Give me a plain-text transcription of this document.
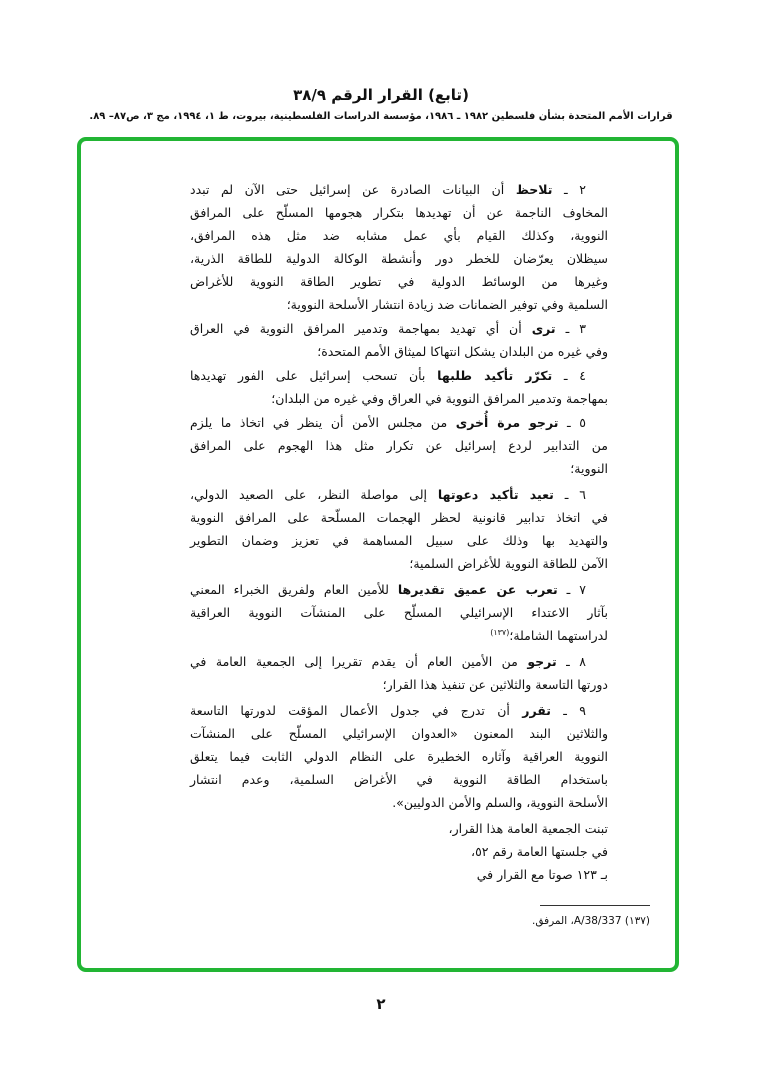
(تابع) القرار الرقم ٣٨/٩
قرارات الأمم المتحدة بشأن فلسطين ١٩٨٢ ـ ١٩٨٦، مؤسسة الدراسات الفلسطينية، بيروت، ط ١، ١٩٩٤، مج ٣، ص٨٧– ٨٩.
٢ ـ تلاحظ أن البيانات الصادرة عن إسرائيل حتى الآن لم تبدد
المخاوف الناجمة عن أن تهديدها بتكرار هجومها المسلّح على المرافق
النووية، وكذلك القيام بأي عمل مشابه ضد مثل هذه المرافق،
سيظلان يعرّضان للخطر دور وأنشطة الوكالة الدولية للطاقة الذرية،
وغيرها من الوسائط الدولية في تطوير الطاقة النووية للأغراض
السلمية وفي توفير الضمانات ضد زيادة انتشار الأسلحة النووية؛
٣ ـ ترى أن أي تهديد بمهاجمة وتدمير المرافق النووية في العراق
وفي غيره من البلدان يشكل انتهاكا لميثاق الأمم المتحدة؛
٤ ـ تكرّر تأكيد طلبها بأن تسحب إسرائيل على الفور تهديدها
بمهاجمة وتدمير المرافق النووية في العراق وفي غيره من البلدان؛
٥ ـ ترجو مرة أُخرى من مجلس الأمن أن ينظر في اتخاذ ما يلزم
من التدابير لردع إسرائيل عن تكرار مثل هذا الهجوم على المرافق
النووية؛
٦ ـ تعيد تأكيد دعوتها إلى مواصلة النظر، على الصعيد الدولي،
في اتخاذ تدابير قانونية لحظر الهجمات المسلّحة على المرافق النووية
والتهديد بها وذلك على سبيل المساهمة في تعزيز وضمان التطوير
الآمن للطاقة النووية للأغراض السلمية؛
٧ ـ تعرب عن عميق تقديرها للأمين العام ولفريق الخبراء المعني
بآثار الاعتداء الإسرائيلي المسلّح على المنشآت النووية العراقية
لدراستهما الشاملة؛$^{(١٣٧)}$
٨ ـ ترجو من الأمين العام أن يقدم تقريرا إلى الجمعية العامة في
دورتها التاسعة والثلاثين عن تنفيذ هذا القرار؛
٩ ـ تقرر أن تدرج في جدول الأعمال المؤقت لدورتها التاسعة
والثلاثين البند المعنون «العدوان الإسرائيلي المسلّح على المنشآت
النووية العراقية وآثاره الخطيرة على النظام الدولي الثابت فيما يتعلق
باستخدام الطاقة النووية في الأغراض السلمية، وعدم انتشار
الأسلحة النووية، والسلم والأمن الدوليين».
تبنت الجمعية العامة هذا القرار،
في جلستها العامة رقم ٥٢،
بـ ١٢٣ صوتا مع القرار في
(١٣٧) A/38/337، المرفق.
٢
